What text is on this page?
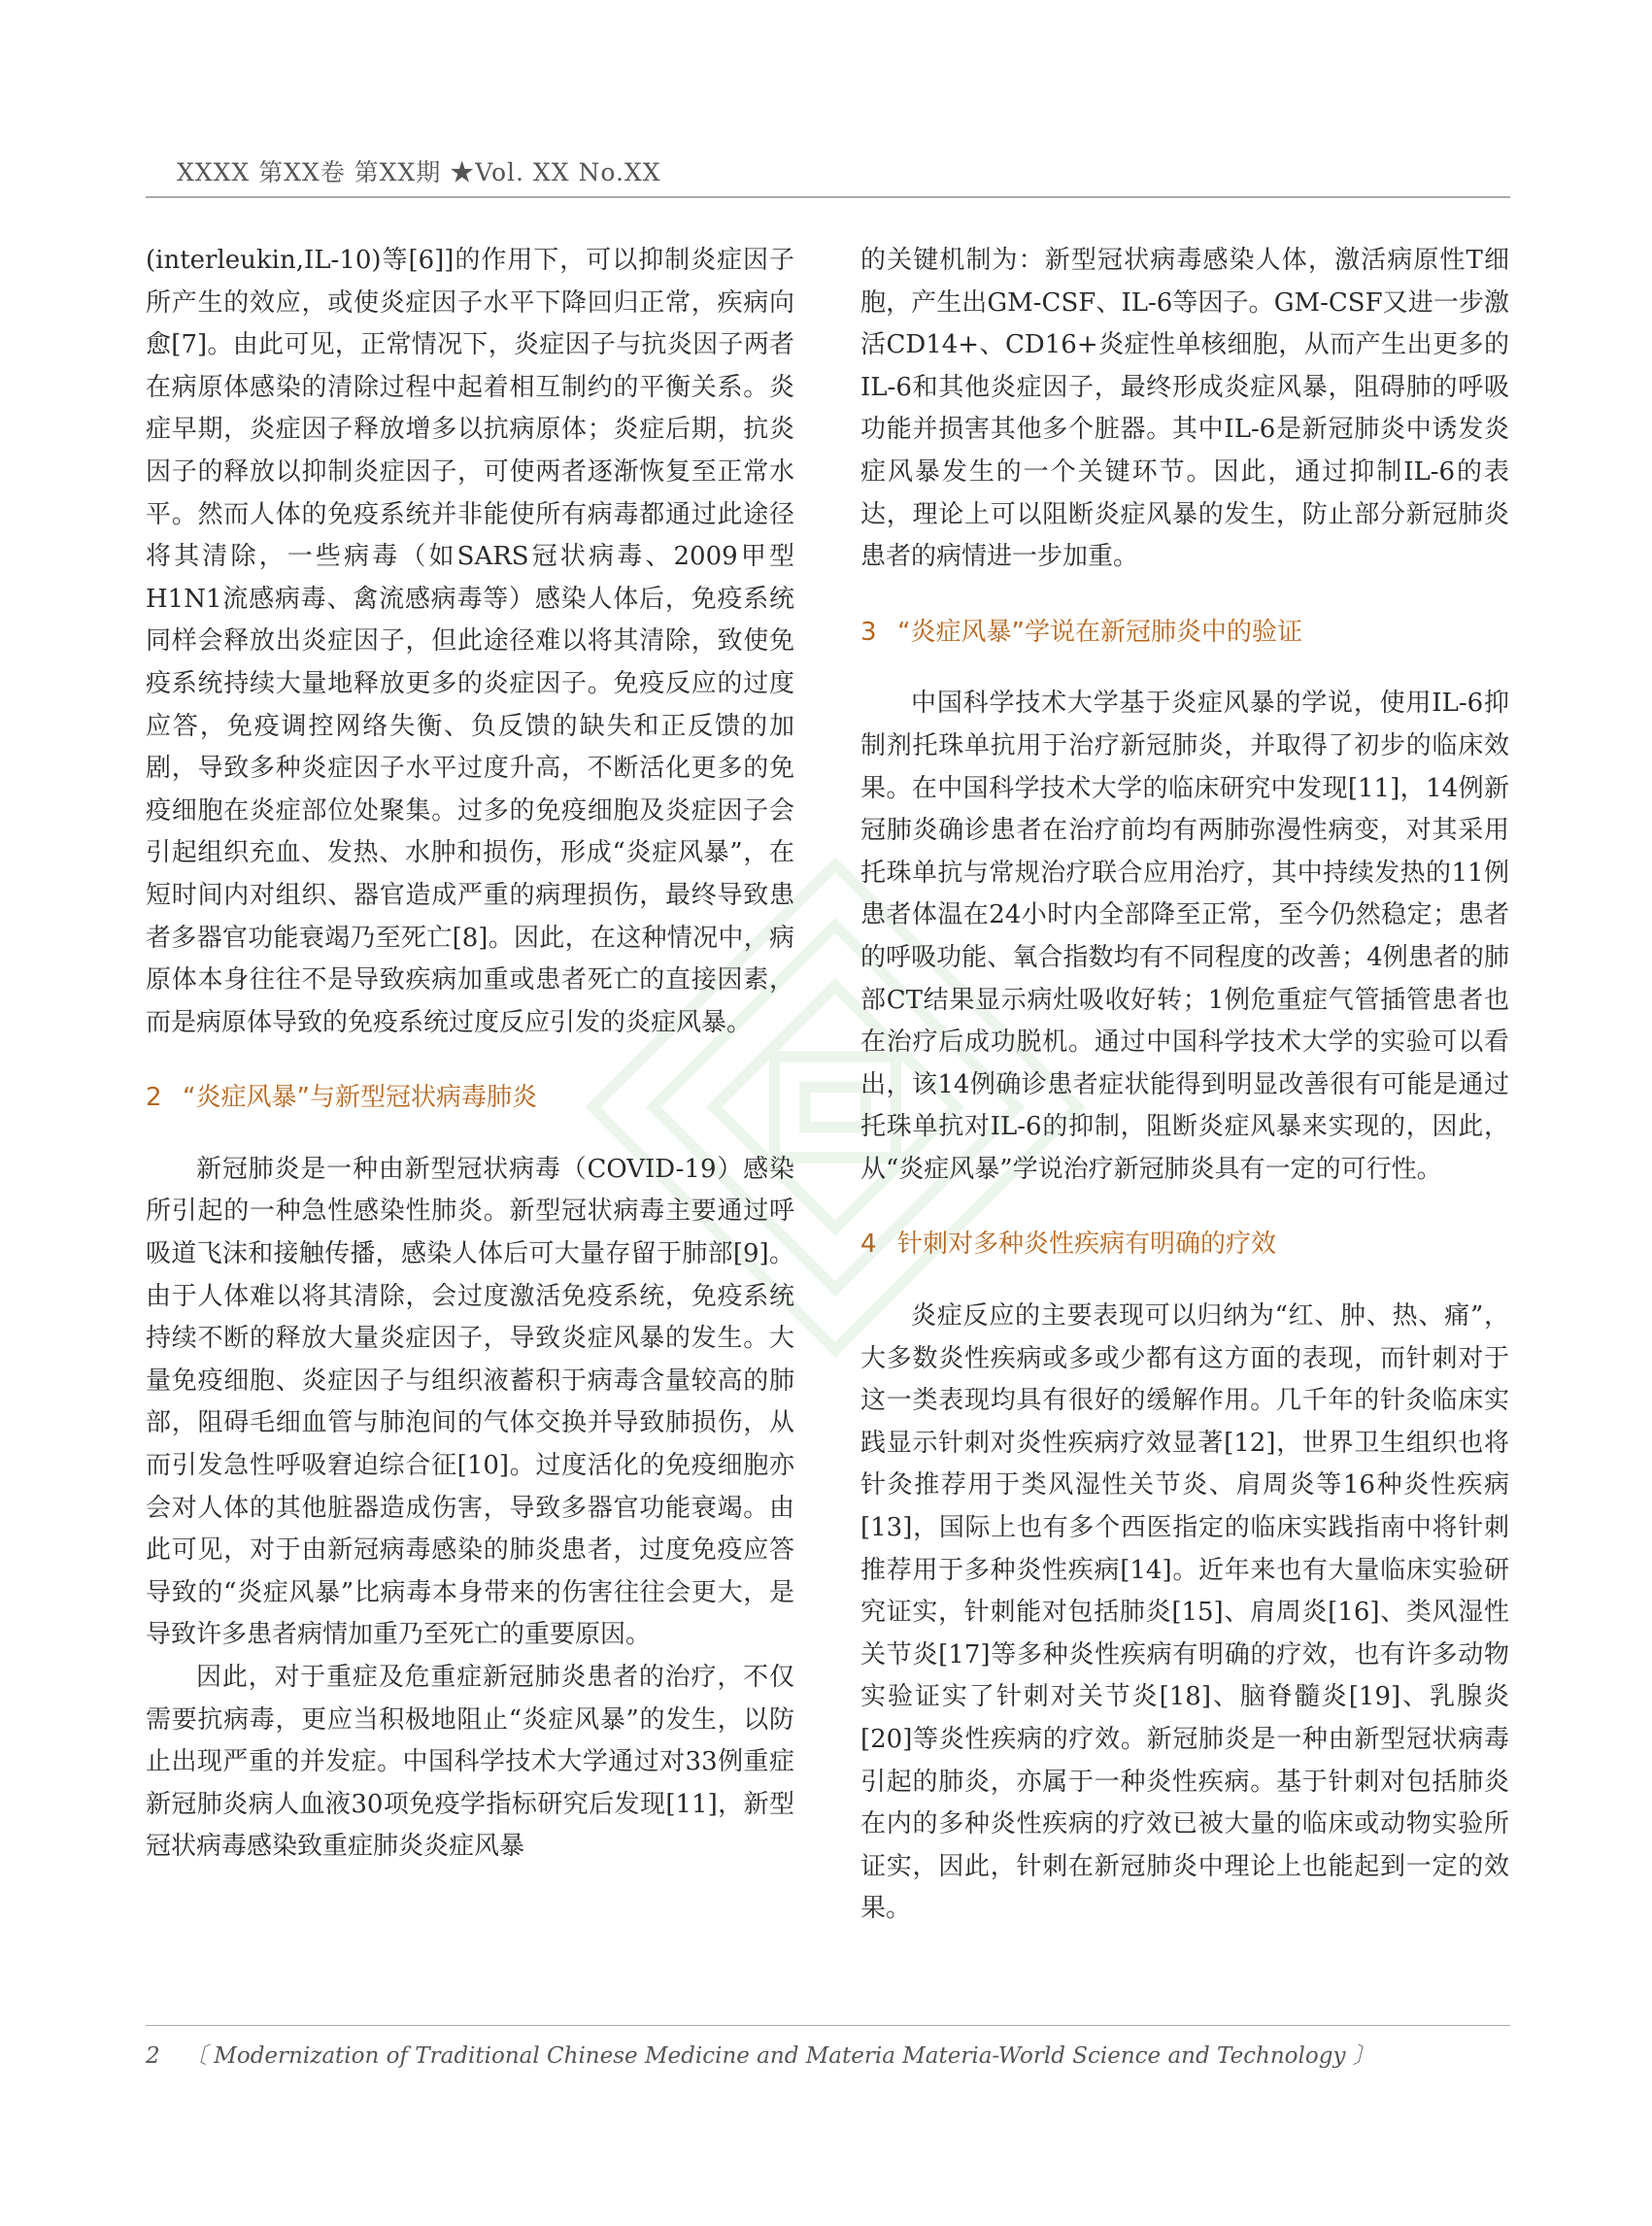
XXXX 第XX卷 第XX期 ★Vol. XX No.XX

(interleukin,IL-10)等[6]]的作用下，可以抑制炎症因子所产生的效应，或使炎症因子水平下降回归正常，疾病向愈[7]。由此可见，正常情况下，炎症因子与抗炎因子两者在病原体感染的清除过程中起着相互制约的平衡关系。炎症早期，炎症因子释放增多以抗病原体；炎症后期，抗炎因子的释放以抑制炎症因子，可使两者逐渐恢复至正常水平。然而人体的免疫系统并非能使所有病毒都通过此途径将其清除，一些病毒（如SARS冠状病毒、2009甲型H1N1流感病毒、禽流感病毒等）感染人体后，免疫系统同样会释放出炎症因子，但此途径难以将其清除，致使免疫系统持续大量地释放更多的炎症因子。免疫反应的过度应答，免疫调控网络失衡、负反馈的缺失和正反馈的加剧，导致多种炎症因子水平过度升高，不断活化更多的免疫细胞在炎症部位处聚集。过多的免疫细胞及炎症因子会引起组织充血、发热、水肿和损伤，形成“炎症风暴”，在短时间内对组织、器官造成严重的病理损伤，最终导致患者多器官功能衰竭乃至死亡[8]。因此，在这种情况中，病原体本身往往不是导致疾病加重或患者死亡的直接因素，而是病原体导致的免疫系统过度反应引发的炎症风暴。

2 “炎症风暴”与新型冠状病毒肺炎

新冠肺炎是一种由新型冠状病毒（COVID-19）感染所引起的一种急性感染性肺炎。新型冠状病毒主要通过呼吸道飞沫和接触传播，感染人体后可大量存留于肺部[9]。由于人体难以将其清除，会过度激活免疫系统，免疫系统持续不断的释放大量炎症因子，导致炎症风暴的发生。大量免疫细胞、炎症因子与组织液蓄积于病毒含量较高的肺部，阻碍毛细血管与肺泡间的气体交换并导致肺损伤，从而引发急性呼吸窘迫综合征[10]。过度活化的免疫细胞亦会对人体的其他脏器造成伤害，导致多器官功能衰竭。由此可见，对于由新冠病毒感染的肺炎患者，过度免疫应答导致的“炎症风暴”比病毒本身带来的伤害往往会更大，是导致许多患者病情加重乃至死亡的重要原因。

因此，对于重症及危重症新冠肺炎患者的治疗，不仅需要抗病毒，更应当积极地阻止“炎症风暴”的发生，以防止出现严重的并发症。中国科学技术大学通过对33例重症新冠肺炎病人血液30项免疫学指标研究后发现[11]，新型冠状病毒感染致重症肺炎炎症风暴

的关键机制为：新型冠状病毒感染人体，激活病原性T细胞，产生出GM-CSF、IL-6等因子。GM-CSF又进一步激活CD14+、CD16+炎症性单核细胞，从而产生出更多的IL-6和其他炎症因子，最终形成炎症风暴，阻碍肺的呼吸功能并损害其他多个脏器。其中IL-6是新冠肺炎中诱发炎症风暴发生的一个关键环节。因此，通过抑制IL-6的表达，理论上可以阻断炎症风暴的发生，防止部分新冠肺炎患者的病情进一步加重。

3 “炎症风暴”学说在新冠肺炎中的验证

中国科学技术大学基于炎症风暴的学说，使用IL-6抑制剂托珠单抗用于治疗新冠肺炎，并取得了初步的临床效果。在中国科学技术大学的临床研究中发现[11]，14例新冠肺炎确诊患者在治疗前均有两肺弥漫性病变，对其采用托珠单抗与常规治疗联合应用治疗，其中持续发热的11例患者体温在24小时内全部降至正常，至今仍然稳定；患者的呼吸功能、氧合指数均有不同程度的改善；4例患者的肺部CT结果显示病灶吸收好转；1例危重症气管插管患者也在治疗后成功脱机。通过中国科学技术大学的实验可以看出，该14例确诊患者症状能得到明显改善很有可能是通过托珠单抗对IL-6的抑制，阻断炎症风暴来实现的，因此，从“炎症风暴”学说治疗新冠肺炎具有一定的可行性。

4 针刺对多种炎性疾病有明确的疗效

炎症反应的主要表现可以归纳为“红、肿、热、痛”，大多数炎性疾病或多或少都有这方面的表现，而针刺对于这一类表现均具有很好的缓解作用。几千年的针灸临床实践显示针刺对炎性疾病疗效显著[12]，世界卫生组织也将针灸推荐用于类风湿性关节炎、肩周炎等16种炎性疾病[13]，国际上也有多个西医指定的临床实践指南中将针刺推荐用于多种炎性疾病[14]。近年来也有大量临床实验研究证实，针刺能对包括肺炎[15]、肩周炎[16]、类风湿性关节炎[17]等多种炎性疾病有明确的疗效，也有许多动物实验证实了针刺对关节炎[18]、脑脊髓炎[19]、乳腺炎[20]等炎性疾病的疗效。新冠肺炎是一种由新型冠状病毒引起的肺炎，亦属于一种炎性疾病。基于针刺对包括肺炎在内的多种炎性疾病的疗效已被大量的临床或动物实验所证实，因此，针刺在新冠肺炎中理论上也能起到一定的效果。

2 〔 Modernization of Traditional Chinese Medicine and Materia Materia-World Science and Technology 〕
